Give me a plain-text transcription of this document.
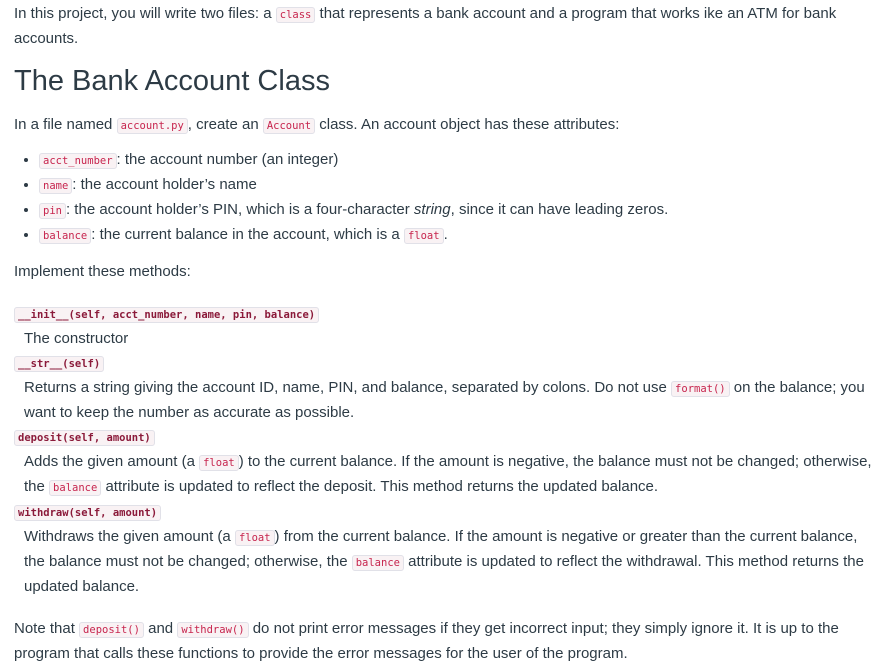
In this project, you will write two files: a class that represents a bank account and a program that works ike an ATM for bank accounts.

The Bank Account Class

In a file named account.py , create an Account class. An account object has these attributes:

• acct_number : the account number (an integer)
• name : the account holder’s name
• pin : the account holder’s PIN, which is a four-character string, since it can have leading zeros.
• balance : the current balance in the account, which is a float .

Implement these methods:

__init__(self, acct_number, name, pin, balance)
The constructor
__str__(self)
Returns a string giving the account ID, name, PIN, and balance, separated by colons. Do not use format() on the balance; you want to keep the number as accurate as possible.
deposit(self, amount)
Adds the given amount (a float ) to the current balance. If the amount is negative, the balance must not be changed; otherwise, the balance attribute is updated to reflect the deposit. This method returns the updated balance.
withdraw(self, amount)
Withdraws the given amount (a float ) from the current balance. If the amount is negative or greater than the current balance, the balance must not be changed; otherwise, the balance attribute is updated to reflect the withdrawal. This method returns the updated balance.

Note that deposit() and withdraw() do not print error messages if they get incorrect input; they simply ignore it. It is up to the program that calls these functions to provide the error messages for the user of the program.
